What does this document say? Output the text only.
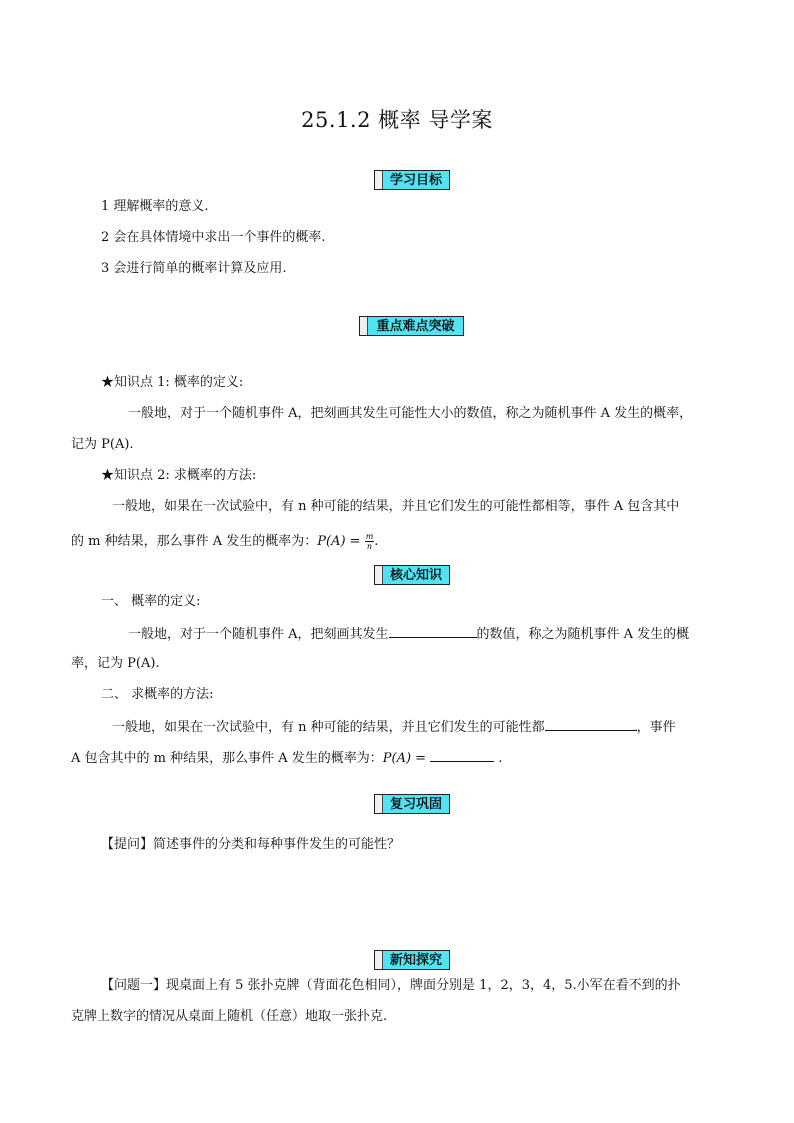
25.1.2 概率 导学案
学习目标
1 理解概率的意义.
2 会在具体情境中求出一个事件的概率.
3 会进行简单的概率计算及应用.
重点难点突破
★知识点 1: 概率的定义:
一般地，对于一个随机事件 A，把刻画其发生可能性大小的数值，称之为随机事件 A 发生的概率，
记为 P(A).
★知识点 2: 求概率的方法:
一般地，如果在一次试验中，有 n 种可能的结果，并且它们发生的可能性都相等，事件 A 包含其中
的 m 种结果，那么事件 A 发生的概率为：$P(A) = \frac{m}{n}$ .
核心知识
一、 概率的定义:
一般地，对于一个随机事件 A，把刻画其发生	的数值，称之为随机事件 A 发生的概
率，记为 P(A).
二、 求概率的方法:
一般地，如果在一次试验中，有 n 种可能的结果，并且它们发生的可能性都	，事件
A 包含其中的 m 种结果，那么事件 A 发生的概率为：P(A) =	.
复习巩固
【提问】简述事件的分类和每种事件发生的可能性？
新知探究
【问题一】现桌面上有 5 张扑克牌（背面花色相同），牌面分别是 1，2，3，4，5.小军在看不到的扑
克牌上数字的情况从桌面上随机（任意）地取一张扑克.
